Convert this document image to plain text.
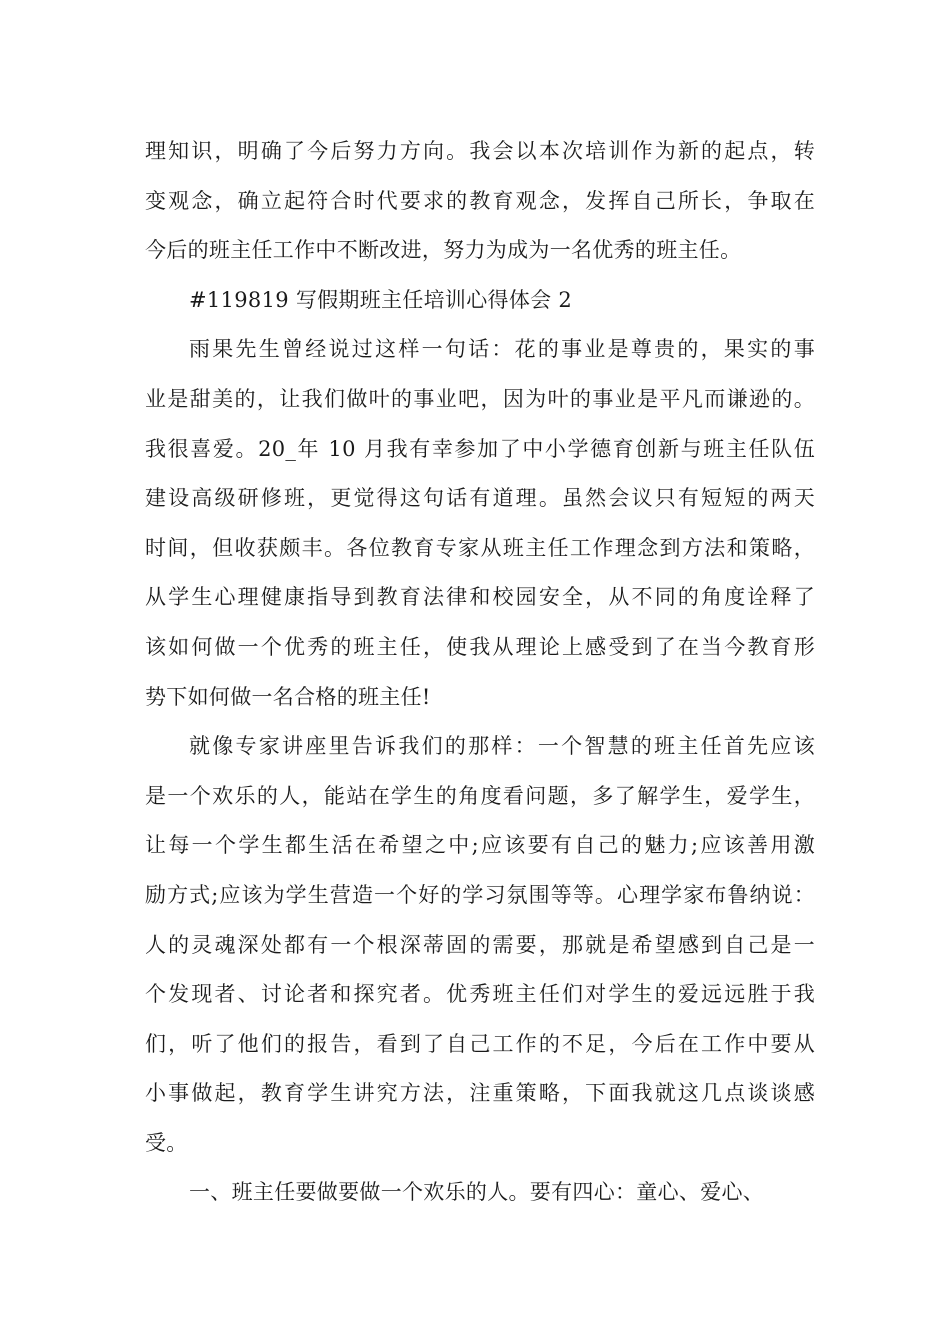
理知识，明确了今后努力方向。我会以本次培训作为新的起点，转
变观念，确立起符合时代要求的教育观念，发挥自己所长，争取在
今后的班主任工作中不断改进，努力为成为一名优秀的班主任。
#119819 写假期班主任培训心得体会 2
雨果先生曾经说过这样一句话：花的事业是尊贵的，果实的事
业是甜美的，让我们做叶的事业吧，因为叶的事业是平凡而谦逊的。
我很喜爱。20_年 10 月我有幸参加了中小学德育创新与班主任队伍
建设高级研修班，更觉得这句话有道理。虽然会议只有短短的两天
时间，但收获颇丰。各位教育专家从班主任工作理念到方法和策略，
从学生心理健康指导到教育法律和校园安全，从不同的角度诠释了
该如何做一个优秀的班主任，使我从理论上感受到了在当今教育形
势下如何做一名合格的班主任!
就像专家讲座里告诉我们的那样：一个智慧的班主任首先应该
是一个欢乐的人，能站在学生的角度看问题，多了解学生，爱学生，
让每一个学生都生活在希望之中;应该要有自己的魅力;应该善用激
励方式;应该为学生营造一个好的学习氛围等等。心理学家布鲁纳说：
人的灵魂深处都有一个根深蒂固的需要，那就是希望感到自己是一
个发现者、讨论者和探究者。优秀班主任们对学生的爱远远胜于我
们，听了他们的报告，看到了自己工作的不足，今后在工作中要从
小事做起，教育学生讲究方法，注重策略，下面我就这几点谈谈感
受。
一、班主任要做要做一个欢乐的人。要有四心：童心、爱心、
